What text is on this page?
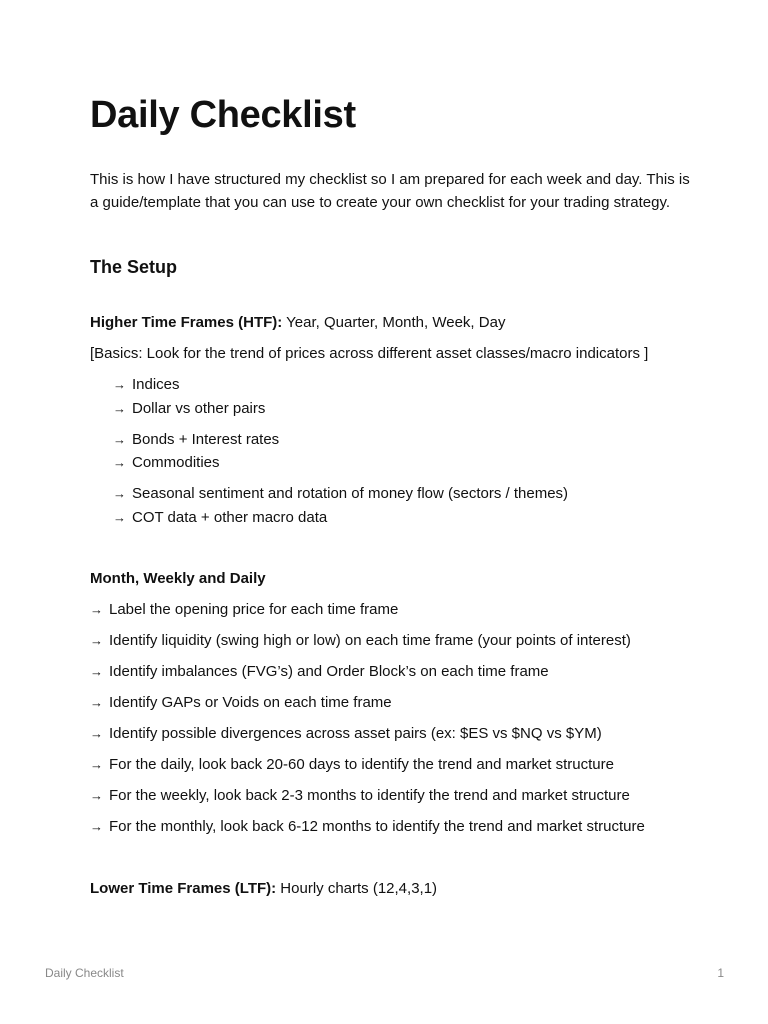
Daily Checklist
This is how I have structured my checklist so I am prepared for each week and day. This is a guide/template that you can use to create your own checklist for your trading strategy.
The Setup
Higher Time Frames (HTF): Year, Quarter, Month, Week, Day
[Basics: Look for the trend of prices across different asset classes/macro indicators ]
→ Indices
→ Dollar vs other pairs
→ Bonds + Interest rates
→ Commodities
→ Seasonal sentiment and rotation of money flow (sectors / themes)
→ COT data + other macro data
Month, Weekly and Daily
→ Label the opening price for each time frame
→ Identify liquidity (swing high or low) on each time frame (your points of interest)
→ Identify imbalances (FVG’s) and Order Block’s on each time frame
→ Identify GAPs or Voids on each time frame
→ Identify possible divergences across asset pairs (ex: $ES vs $NQ vs $YM)
→ For the daily, look back 20-60 days to identify the trend and market structure
→ For the weekly, look back 2-3 months to identify the trend and market structure
→ For the monthly, look back 6-12 months to identify the trend and market structure
Lower Time Frames (LTF): Hourly charts (12,4,3,1)
Daily Checklist	1
